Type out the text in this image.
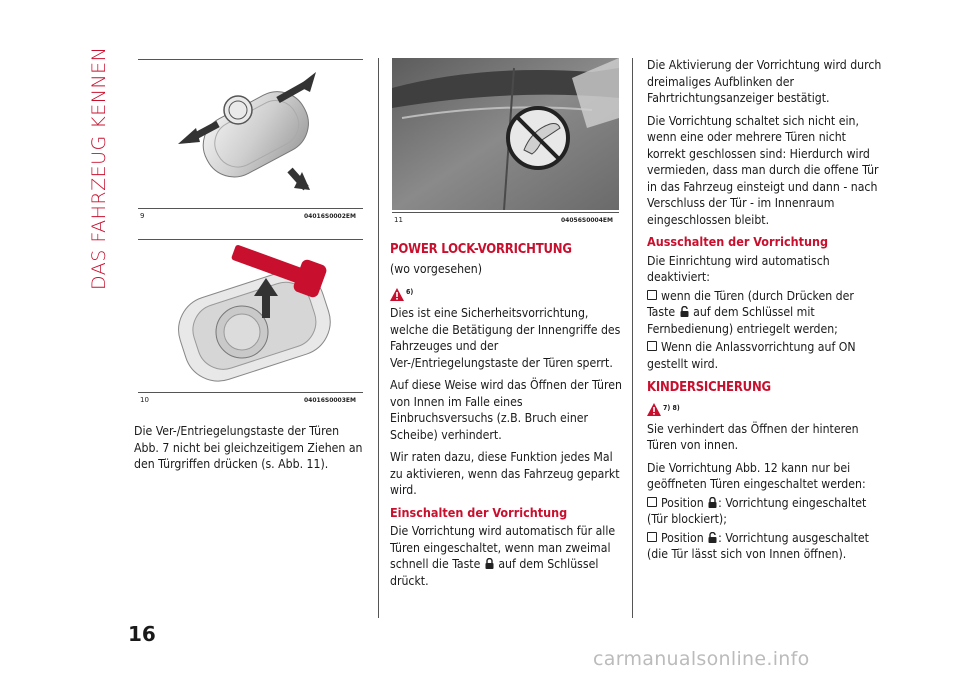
DAS FAHRZEUG KENNEN	9	04016S0002EM
10	04016S0003EM

Die Ver-/Entriegelungstaste der Türen Abb. 7 nicht bei gleichzeitigem Ziehen an den Türgriffen drücken (s. Abb. 11).

11	04056S0004EM
POWER LOCK-VORRICHTUNG

(wo vorgesehen)

6)

Dies ist eine Sicherheitsvorrichtung, welche die Betätigung der Innengriffe des Fahrzeuges und der Ver-/Entriegelungstaste der Türen sperrt.

Auf diese Weise wird das Öffnen der Türen von Innen im Falle eines Einbruchsversuchs (z.B. Bruch einer Scheibe) verhindert.

Wir raten dazu, diese Funktion jedes Mal zu aktivieren, wenn das Fahrzeug geparkt wird.

Einschalten der Vorrichtung

Die Vorrichtung wird automatisch für alle Türen eingeschaltet, wenn man zweimal schnell die Taste auf dem Schlüssel drückt.

Die Aktivierung der Vorrichtung wird durch dreimaliges Aufblinken der Fahrtrichtungsanzeiger bestätigt.

Die Vorrichtung schaltet sich nicht ein, wenn eine oder mehrere Türen nicht korrekt geschlossen sind: Hierdurch wird vermieden, dass man durch die offene Tür in das Fahrzeug einsteigt und dann - nach Verschluss der Tür - im Innenraum eingeschlossen bleibt.

Ausschalten der Vorrichtung

Die Einrichtung wird automatisch deaktiviert:

wenn die Türen (durch Drücken der Taste auf dem Schlüssel mit Fernbedienung) entriegelt werden;

Wenn die Anlassvorrichtung auf ON gestellt wird.

KINDERSICHERUNG
7) 8)

Sie verhindert das Öffnen der hinteren Türen von innen.

Die Vorrichtung Abb. 12 kann nur bei geöffneten Türen eingeschaltet werden:

Position : Vorrichtung eingeschaltet (Tür blockiert);

Position : Vorrichtung ausgeschaltet (die Tür lässt sich von Innen öffnen).

16
carmanualsonline.info
